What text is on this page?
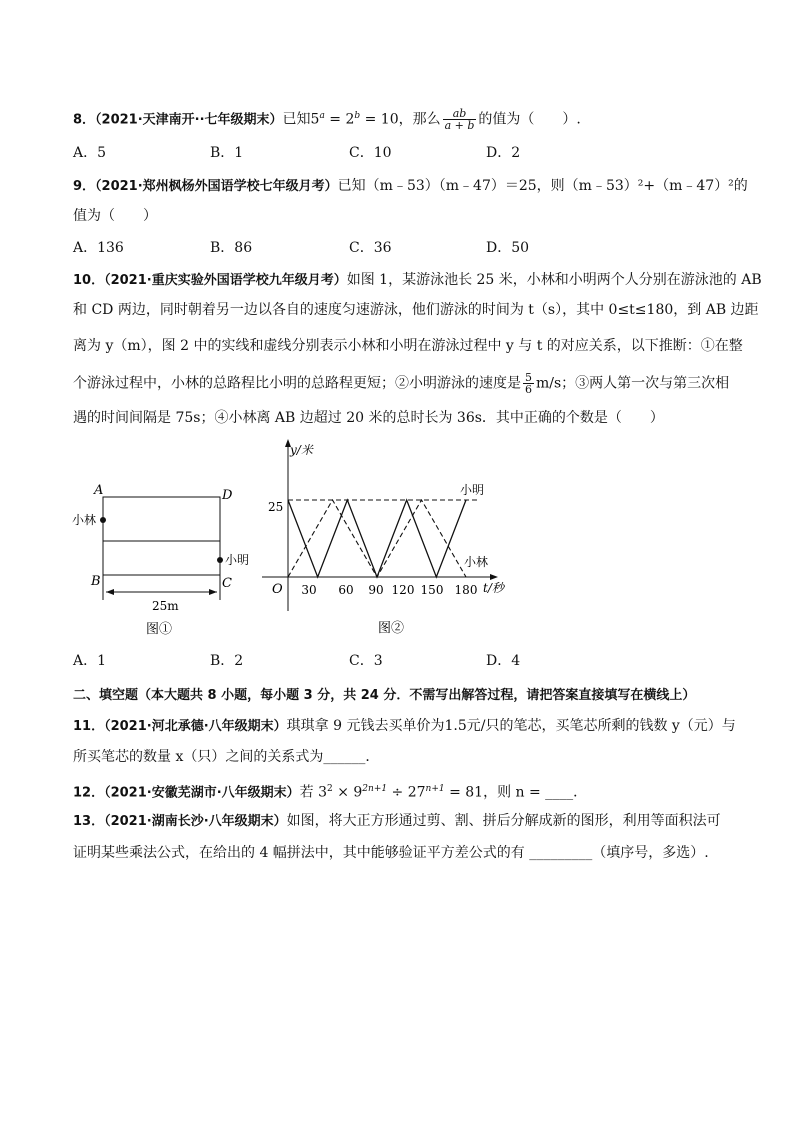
8．（2021·天津南开··七年级期末）已知$5^a = 2^b = 10$，那么 $\frac{ab}{a + b}$ 的值为（　　）.
A．5	B．1	C．10	D．2
9．（2021·郑州枫杨外国语学校七年级月考）已知（m﹣53）（m﹣47）＝25，则（m﹣53）²+（m﹣47）²的
值为（　　）
A．136	B．86	C．36	D．50
10．（2021·重庆实验外国语学校九年级月考）如图 1，某游泳池长 25 米，小林和小明两个人分别在游泳池的 AB
和 CD 两边，同时朝着另一边以各自的速度匀速游泳，他们游泳的时间为 t（s），其中 0≤t≤180，到 AB 边距
离为 y（m），图 2 中的实线和虚线分别表示小林和小明在游泳过程中 y 与 t 的对应关系，以下推断：①在整
个游泳过程中，小林的总路程比小明的总路程更短；②小明游泳的速度是 $\frac{5}{6} m/s$；③两人第一次与第三次相
遇的时间间隔是 75s；④小林离 AB 边超过 20 米的总时长为 36s．其中正确的个数是（　　）
A	D
B	C
小林
小明
25m
图①
y/米
t/秒
O
25
30 60 90 120 150 180
小明
小林
图②
A．1	B．2	C．3	D．4
二、填空题（本大题共 8 小题，每小题 3 分，共 24 分．不需写出解答过程，请把答案直接填写在横线上）
11．（2021·河北承德·八年级期末）琪琪拿 9 元钱去买单价为1.5元/只的笔芯，买笔芯所剩的钱数 y（元）与
所买笔芯的数量 x（只）之间的关系式为______．
12．（2021·安徽芜湖市·八年级期末）若 $3^2 \times 9^{2n+1} \div 27^{n+1} = 81$，则 n = ____．
13．（2021·湖南长沙·八年级期末）如图，将大正方形通过剪、割、拼后分解成新的图形，利用等面积法可
证明某些乘法公式，在给出的 4 幅拼法中，其中能够验证平方差公式的有 _________（填序号，多选）.
